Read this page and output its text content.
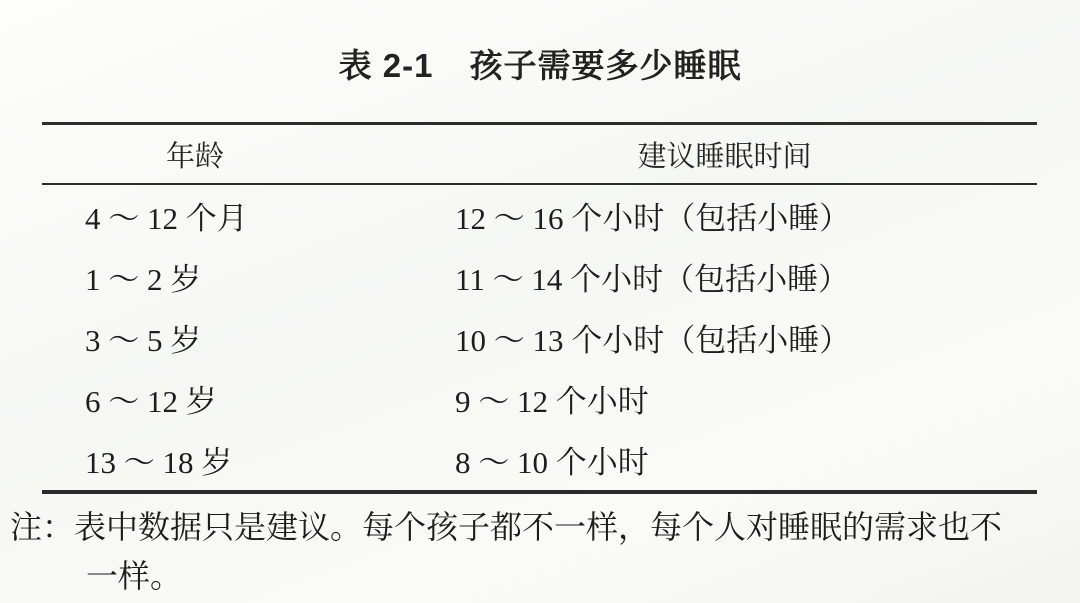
表 2-1 孩子需要多少睡眠
年龄	建议睡眠时间
4 ～ 12 个月	12 ～ 16 个小时（包括小睡）
1 ～ 2 岁	11 ～ 14 个小时（包括小睡）
3 ～ 5 岁	10 ～ 13 个小时（包括小睡）
6 ～ 12 岁	9 ～ 12 个小时
13 ～ 18 岁	8 ～ 10 个小时
注：表中数据只是建议。每个孩子都不一样，每个人对睡眠的需求也不
一样。
